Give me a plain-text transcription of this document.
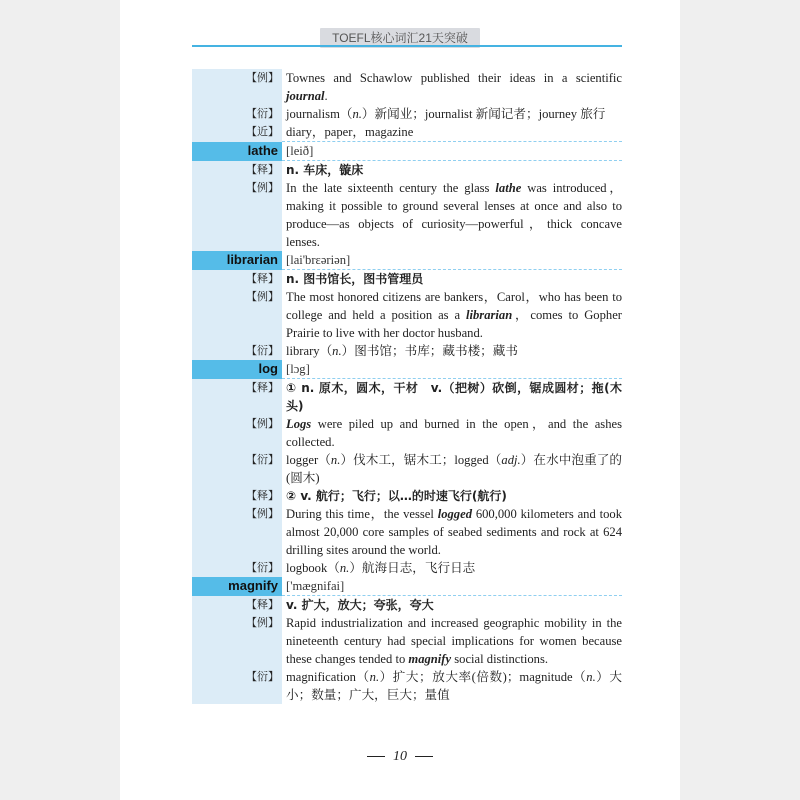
TOEFL核心词汇21天突破
【例】 Townes and Schawlow published their ideas in a scientific journal.
【衍】 journalism（n.）新闻业；journalist 新闻记者；journey 旅行
【近】 diary，paper，magazine
lathe [leið]
【释】 n. 车床，镟床
【例】 In the late sixteenth century the glass lathe was introduced，making it possible to ground several lenses at once and also to produce—as objects of curiosity—powerful，thick concave lenses.
librarian [lai'brɛəriən]
【释】 n. 图书馆长，图书管理员
【例】 The most honored citizens are bankers，Carol，who has been to college and held a position as a librarian，comes to Gopher Prairie to live with her doctor husband.
【衍】 library（n.）图书馆；书库；藏书楼；藏书
log [lɔg]
【释】 ① n. 原木，圆木，干材　v.（把树）砍倒，锯成圆材；拖(木头)
【例】 Logs were piled up and burned in the open，and the ashes collected.
【衍】 logger（n.）伐木工，锯木工；logged（adj.）在水中泡重了的(圆木)
【释】 ② v. 航行；飞行；以…的时速飞行(航行)
【例】 During this time，the vessel logged 600,000 kilometers and took almost 20,000 core samples of seabed sediments and rock at 624 drilling sites around the world.
【衍】 logbook（n.）航海日志，飞行日志
magnify ['mægnifai]
【释】 v. 扩大，放大；夸张，夸大
【例】 Rapid industrialization and increased geographic mobility in the nineteenth century had special implications for women because these changes tended to magnify social distinctions.
【衍】 magnification（n.）扩大；放大率(倍数)；magnitude（n.）大小；数量；广大，巨大；量值
10
